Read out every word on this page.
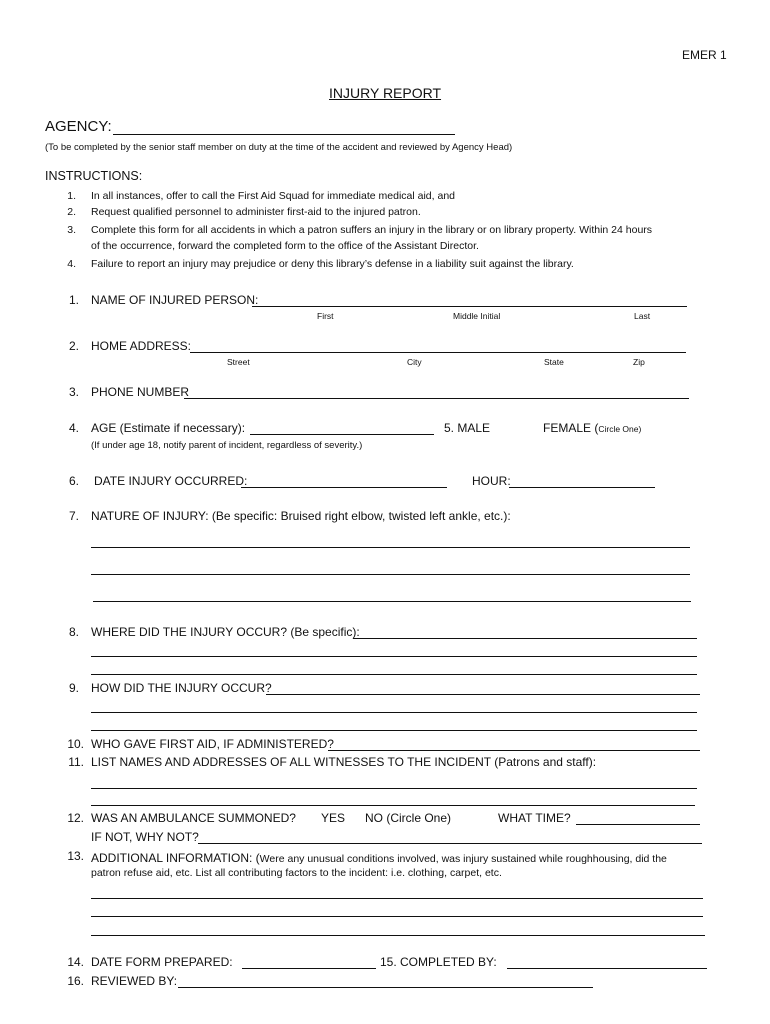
EMER 1
INJURY REPORT
AGENCY:
(To be completed by the senior staff member on duty at the time of the accident and reviewed by Agency Head)
INSTRUCTIONS:
1. In all instances, offer to call the First Aid Squad for immediate medical aid, and
2. Request qualified personnel to administer first-aid to the injured patron.
3. Complete this form for all accidents in which a patron suffers an injury in the library or on library property. Within 24 hours
of the occurrence, forward the completed form to the office of the Assistant Director.
4. Failure to report an injury may prejudice or deny this library’s defense in a liability suit against the library.
1. NAME OF INJURED PERSON:
First	Middle Initial	Last
2. HOME ADDRESS:
Street	City	State	Zip
3. PHONE NUMBER
4. AGE (Estimate if necessary):	5. MALE	FEMALE (Circle One)
(If under age 18, notify parent of incident, regardless of severity.)
6. DATE INJURY OCCURRED:	HOUR:
7. NATURE OF INJURY: (Be specific: Bruised right elbow, twisted left ankle, etc.):
8. WHERE DID THE INJURY OCCUR? (Be specific):
9. HOW DID THE INJURY OCCUR?
10. WHO GAVE FIRST AID, IF ADMINISTERED?
11. LIST NAMES AND ADDRESSES OF ALL WITNESSES TO THE INCIDENT (Patrons and staff):
12. WAS AN AMBULANCE SUMMONED? YES NO (Circle One)	WHAT TIME?
IF NOT, WHY NOT?
13. ADDITIONAL INFORMATION: (Were any unusual conditions involved, was injury sustained while roughhousing, did the
patron refuse aid, etc. List all contributing factors to the incident: i.e. clothing, carpet, etc.
14. DATE FORM PREPARED:	15. COMPLETED BY:
16. REVIEWED BY:
